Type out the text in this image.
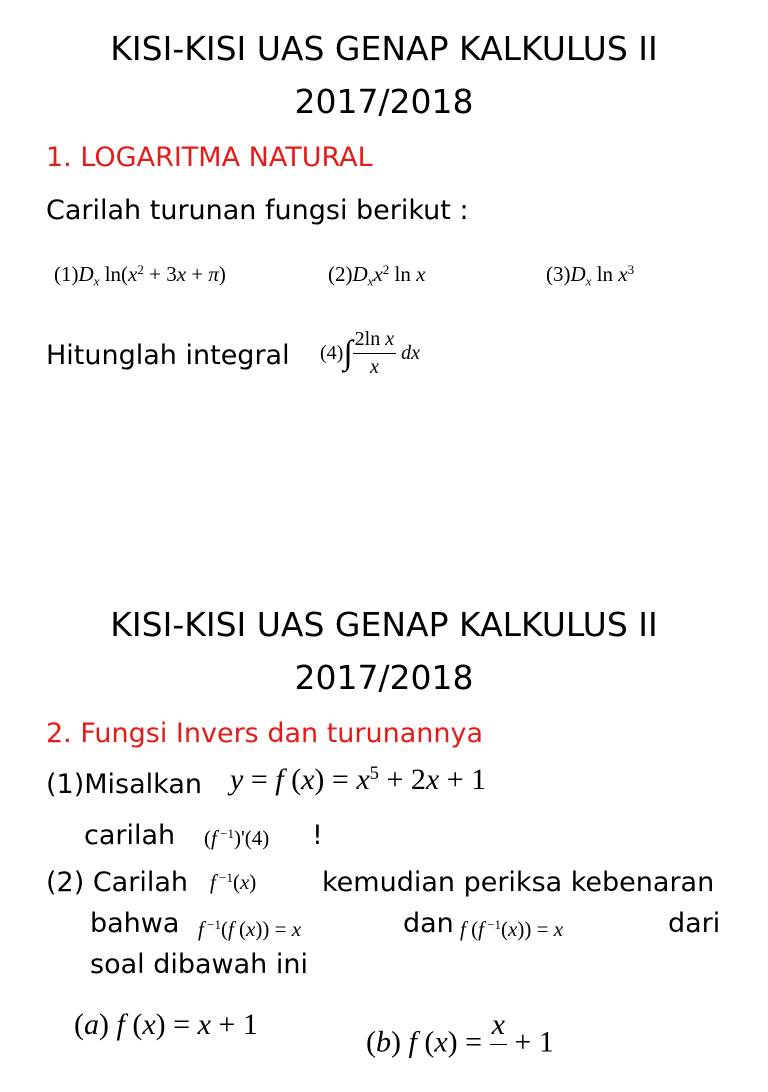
KISI-KISI UAS GENAP KALKULUS II
2017/2018
1. LOGARITMA NATURAL
Carilah turunan fungsi berikut :
$(1)D_x$ $\ln(x^2 + 3x + \pi)$	$(2)D_xx^2$ ln x	$(3)D_x$ $\ln x^3$
Hitunglah integral $(4)\int \frac{\text{2ln x}}{x}$ dx
KISI-KISI UAS GENAP KALKULUS II
2017/2018
2. Fungsi Invers dan turunannya
(1)Misalkan y = f $(x) = x^5 + 2x + 1$
carilah (f $^{-1}$)'(4) !
(2) Carilah f $^{-1}$(x) kemudian periksa kebenaran
bahwa f $^{-1}$(f (x)) = x	dan f (f $^{-1}$(x)) = x	dari
soal dibawah ini
(a) f (x) = x + 1
(b) f (x) =
x

+ 1
